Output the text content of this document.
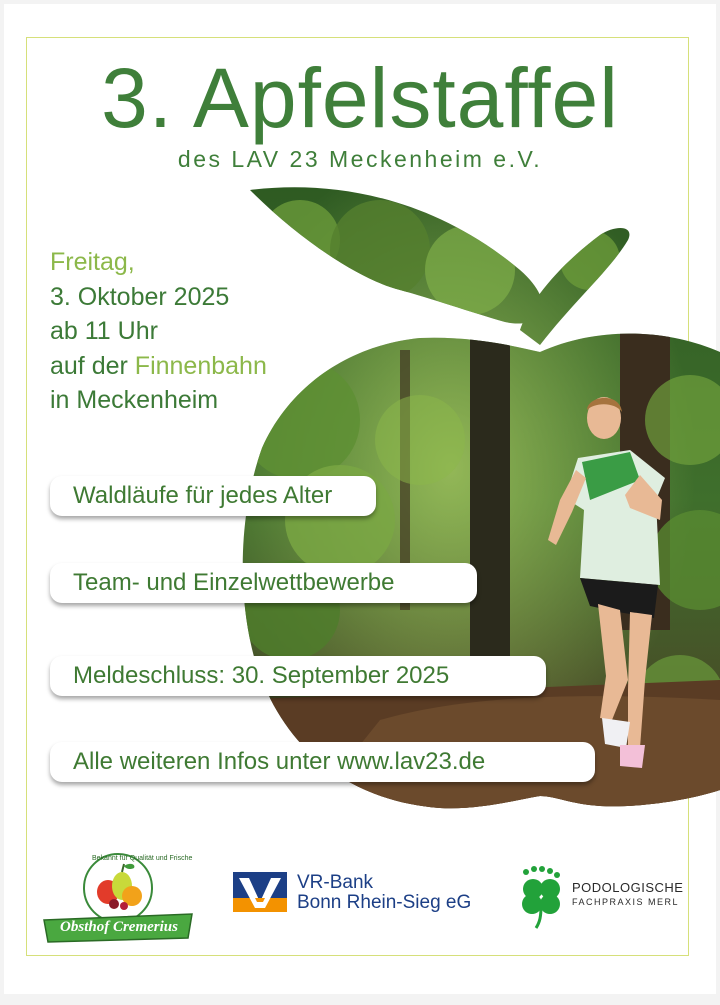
3. Apfelstaffel
des LAV 23 Meckenheim e.V.
Freitag,
3. Oktober 2025
ab 11 Uhr
auf der Finnenbahn
in Meckenheim
Waldläufe für jedes Alter
Team- und Einzelwettbewerbe
Meldeschluss: 30. September 2025
Alle weiteren Infos unter www.lav23.de
Bekannt für Qualität und Frische
Obsthof Cremerius
VR-Bank
Bonn Rhein-Sieg eG
PODOLOGISCHE
FACHPRAXIS MERL
